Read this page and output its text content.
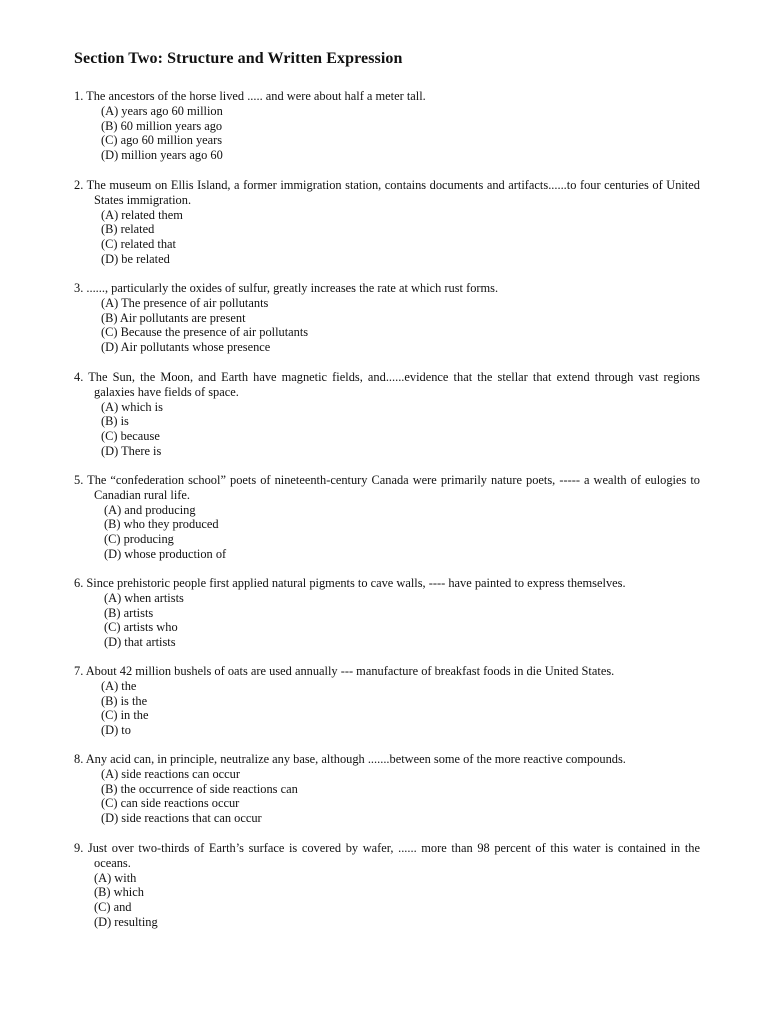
Section Two: Structure and Written Expression
1. The ancestors of the horse lived ..... and were about half a meter tall.
(A) years ago 60 million
(B) 60 million years ago
(C) ago 60 million years
(D) million years ago 60
2. The museum on Ellis Island, a former immigration station, contains documents and artifacts......to four centuries of United States immigration.
(A) related them
(B) related
(C) related that
(D) be related
3. ......, particularly the oxides of sulfur, greatly increases the rate at which rust forms.
(A) The presence of air pollutants
(B) Air pollutants are present
(C) Because the presence of air pollutants
(D) Air pollutants whose presence
4. The Sun, the Moon, and Earth have magnetic fields, and......evidence that the stellar that extend through vast regions galaxies have fields of space.
(A) which is
(B) is
(C) because
(D) There is
5. The “confederation school” poets of nineteenth-century Canada were primarily nature poets, ----- a wealth of eulogies to Canadian rural life.
(A) and producing
(B) who they produced
(C) producing
(D) whose production of
6. Since prehistoric people first applied natural pigments to cave walls, ---- have painted to express themselves.
(A) when artists
(B) artists
(C) artists who
(D) that artists
7. About 42 million bushels of oats are used annually --- manufacture of breakfast foods in die United States.
(A) the
(B) is the
(C) in the
(D) to
8. Any acid can, in principle, neutralize any base, although .......between some of the more reactive compounds.
(A) side reactions can occur
(B) the occurrence of side reactions can
(C) can side reactions occur
(D) side reactions that can occur
9. Just over two-thirds of Earth’s surface is covered by wafer, ...... more than 98 percent of this water is contained in the oceans.
(A) with
(B) which
(C) and
(D) resulting
